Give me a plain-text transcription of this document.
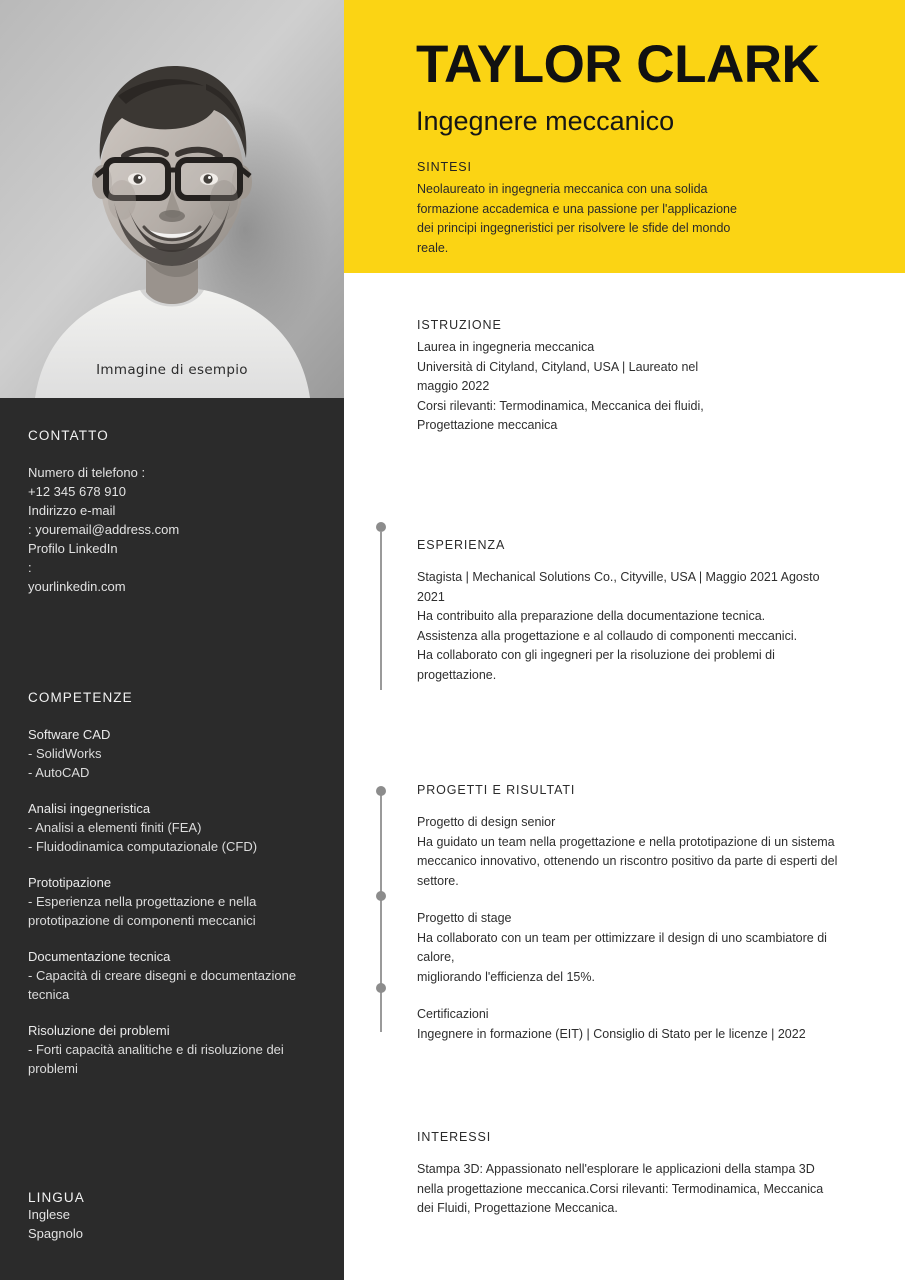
Immagine di esempio
CONTATTO

Numero di telefono :

+12 345 678 910

Indirizzo e-mail

: youremail@address.com

Profilo LinkedIn

:

yourlinkedin.com

COMPETENZE

Software CAD

- SolidWorks

- AutoCAD

Analisi ingegneristica

- Analisi a elementi finiti (FEA)

- Fluidodinamica computazionale (CFD)

Prototipazione

- Esperienza nella progettazione e nella

prototipazione di componenti meccanici

Documentazione tecnica

- Capacità di creare disegni e documentazione

tecnica

Risoluzione dei problemi

- Forti capacità analitiche e di risoluzione dei

problemi

LINGUA

Inglese

Spagnolo

TAYLOR CLARK

Ingegnere meccanico

SINTESI

Neolaureato in ingegneria meccanica con una solida

formazione accademica e una passione per l'applicazione

dei principi ingegneristici per risolvere le sfide del mondo

reale.

ISTRUZIONE

Laurea in ingegneria meccanica

Università di Cityland, Cityland, USA | Laureato nel

maggio 2022

Corsi rilevanti: Termodinamica, Meccanica dei fluidi,

Progettazione meccanica

ESPERIENZA

Stagista | Mechanical Solutions Co., Cityville, USA | Maggio 2021 Agosto

2021

Ha contribuito alla preparazione della documentazione tecnica.

Assistenza alla progettazione e al collaudo di componenti meccanici.

Ha collaborato con gli ingegneri per la risoluzione dei problemi di

progettazione.

PROGETTI E RISULTATI

Progetto di design senior

Ha guidato un team nella progettazione e nella prototipazione di un sistema

meccanico innovativo, ottenendo un riscontro positivo da parte di esperti del

settore.

Progetto di stage

Ha collaborato con un team per ottimizzare il design di uno scambiatore di calore,

migliorando l'efficienza del 15%.

Certificazioni

Ingegnere in formazione (EIT) | Consiglio di Stato per le licenze | 2022

INTERESSI

Stampa 3D: Appassionato nell'esplorare le applicazioni della stampa 3D

nella progettazione meccanica.Corsi rilevanti: Termodinamica, Meccanica

dei Fluidi, Progettazione Meccanica.
